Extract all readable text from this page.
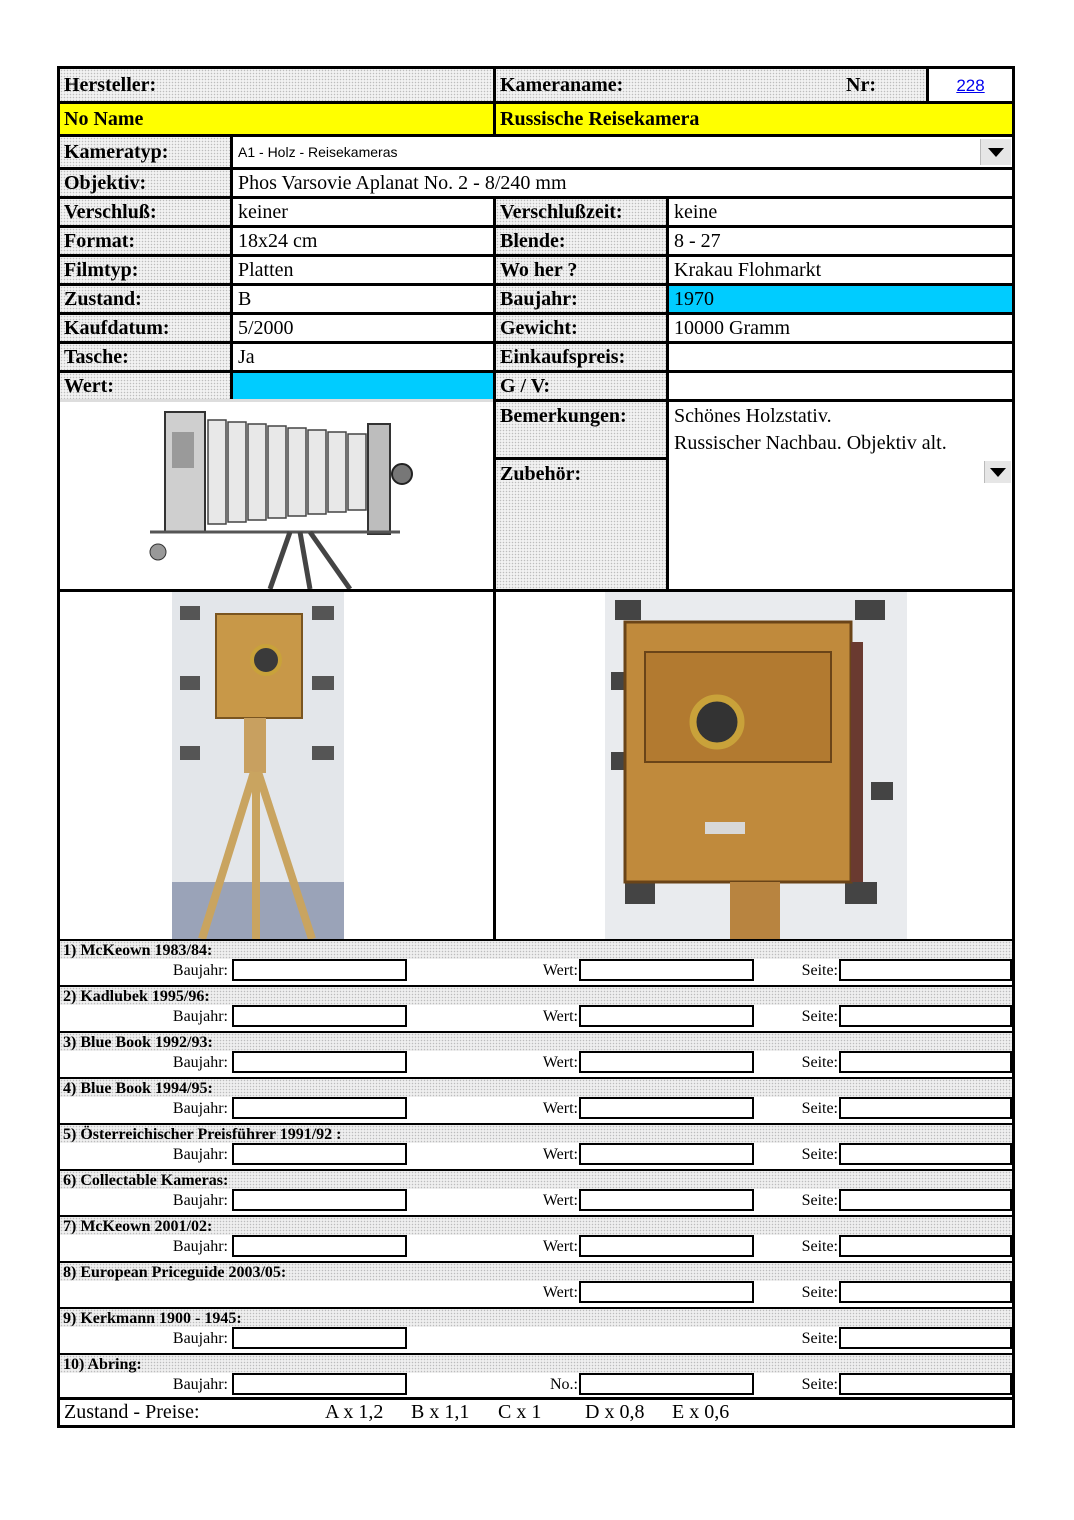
Hersteller:	Kameraname:	Nr:	228
No Name	Russische Reisekamera
Kameratyp:	A1 - Holz - Reisekameras
Objektiv:	Phos Varsovie Aplanat No. 2 - 8/240 mm
Verschluß:	keiner	Verschlußzeit:	keine
Format:	18x24 cm	Blende:	8 - 27
Filmtyp:	Platten	Wo her ?	Krakau Flohmarkt
Zustand:	B	Baujahr:	1970
Kaufdatum:	5/2000	Gewicht:	10000 Gramm
Tasche:	Ja	Einkaufspreis:
Wert:	G / V:
Bemerkungen:	Schönes Holzstativ.
Russischer Nachbau. Objektiv alt.
Zubehör:
1) McKeown 1983/84:
Baujahr:	Wert:	Seite:
2) Kadlubek 1995/96:
Baujahr:	Wert:	Seite:
3) Blue Book 1992/93:
Baujahr:	Wert:	Seite:
4) Blue Book 1994/95:
Baujahr:	Wert:	Seite:
5) Österreichischer Preisführer 1991/92 :
Baujahr:	Wert:	Seite:
6) Collectable Kameras:
Baujahr:	Wert:	Seite:
7) McKeown 2001/02:
Baujahr:	Wert:	Seite:
8) European Priceguide 2003/05:
Wert:	Seite:
9) Kerkmann 1900 - 1945:
Baujahr:	Seite:
10) Abring:
Baujahr:	No.:	Seite:
Zustand - Preise:	A x 1,2 B x 1,1 C x 1 D x 0,8 E x 0,6
